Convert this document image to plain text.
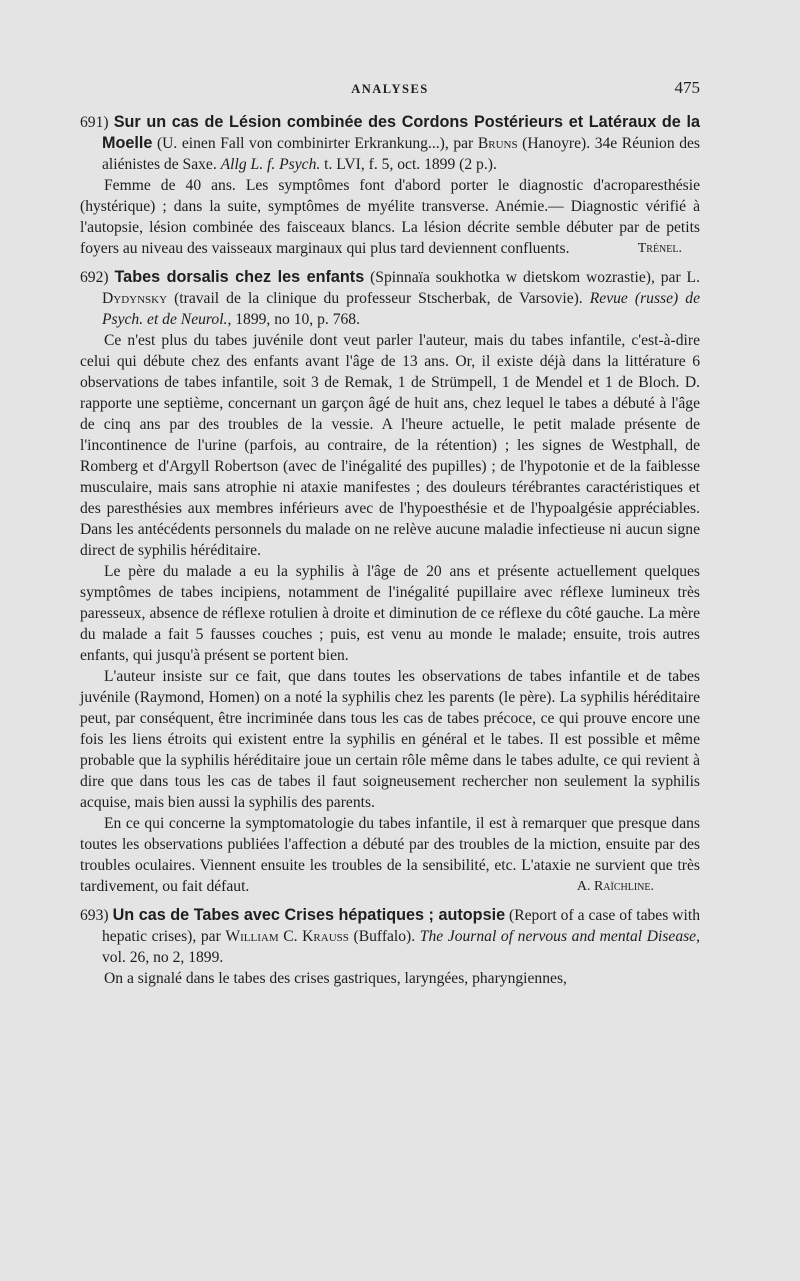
ANALYSES	475
691) Sur un cas de Lésion combinée des Cordons Postérieurs et Latéraux de la Moelle (U. einen Fall von combinirter Erkrankung...), par Bruns (Hanoyre). 34e Réunion des aliénistes de Saxe. Allg L. f. Psych. t. LVI, f. 5, oct. 1899 (2 p.).

Femme de 40 ans. Les symptômes font d'abord porter le diagnostic d'acroparesthésie (hystérique) ; dans la suite, symptômes de myélite transverse. Anémie.— Diagnostic vérifié à l'autopsie, lésion combinée des faisceaux blancs. La lésion décrite semble débuter par de petits foyers au niveau des vaisseaux marginaux qui plus tard deviennent confluents.	Trénel.

692) Tabes dorsalis chez les enfants (Spinnaïa soukhotka w dietskom wozrastie), par L. Dydynsky (travail de la clinique du professeur Stscherbak, de Varsovie). Revue (russe) de Psych. et de Neurol., 1899, no 10, p. 768.

Ce n'est plus du tabes juvénile dont veut parler l'auteur, mais du tabes infantile, c'est-à-dire celui qui débute chez des enfants avant l'âge de 13 ans. Or, il existe déjà dans la littérature 6 observations de tabes infantile, soit 3 de Remak, 1 de Strümpell, 1 de Mendel et 1 de Bloch. D. rapporte une septième, concernant un garçon âgé de huit ans, chez lequel le tabes a débuté à l'âge de cinq ans par des troubles de la vessie. A l'heure actuelle, le petit malade présente de l'incontinence de l'urine (parfois, au contraire, de la rétention) ; les signes de Westphall, de Romberg et d'Argyll Robertson (avec de l'inégalité des pupilles) ; de l'hypotonie et de la faiblesse musculaire, mais sans atrophie ni ataxie manifestes ; des douleurs térébrantes caractéristiques et des paresthésies aux membres inférieurs avec de l'hypoesthésie et de l'hypoalgésie appréciables. Dans les antécédents personnels du malade on ne relève aucune maladie infectieuse ni aucun signe direct de syphilis héréditaire.

Le père du malade a eu la syphilis à l'âge de 20 ans et présente actuellement quelques symptômes de tabes incipiens, notamment de l'inégalité pupillaire avec réflexe lumineux très paresseux, absence de réflexe rotulien à droite et diminution de ce réflexe du côté gauche. La mère du malade a fait 5 fausses couches ; puis, est venu au monde le malade; ensuite, trois autres enfants, qui jusqu'à présent se portent bien.

L'auteur insiste sur ce fait, que dans toutes les observations de tabes infantile et de tabes juvénile (Raymond, Homen) on a noté la syphilis chez les parents (le père). La syphilis héréditaire peut, par conséquent, être incriminée dans tous les cas de tabes précoce, ce qui prouve encore une fois les liens étroits qui existent entre la syphilis en général et le tabes. Il est possible et même probable que la syphilis héréditaire joue un certain rôle même dans le tabes adulte, ce qui revient à dire que dans tous les cas de tabes il faut soigneusement rechercher non seulement la syphilis acquise, mais bien aussi la syphilis des parents.

En ce qui concerne la symptomatologie du tabes infantile, il est à remarquer que presque dans toutes les observations publiées l'affection a débuté par des troubles de la miction, ensuite par des troubles oculaires. Viennent ensuite les troubles de la sensibilité, etc. L'ataxie ne survient que très tardivement, ou fait défaut.	A. Raïchline.

693) Un cas de Tabes avec Crises hépatiques ; autopsie (Report of a case of tabes with hepatic crises), par William C. Krauss (Buffalo). The Journal of nervous and mental Disease, vol. 26, no 2, 1899.

On a signalé dans le tabes des crises gastriques, laryngées, pharyngiennes,
